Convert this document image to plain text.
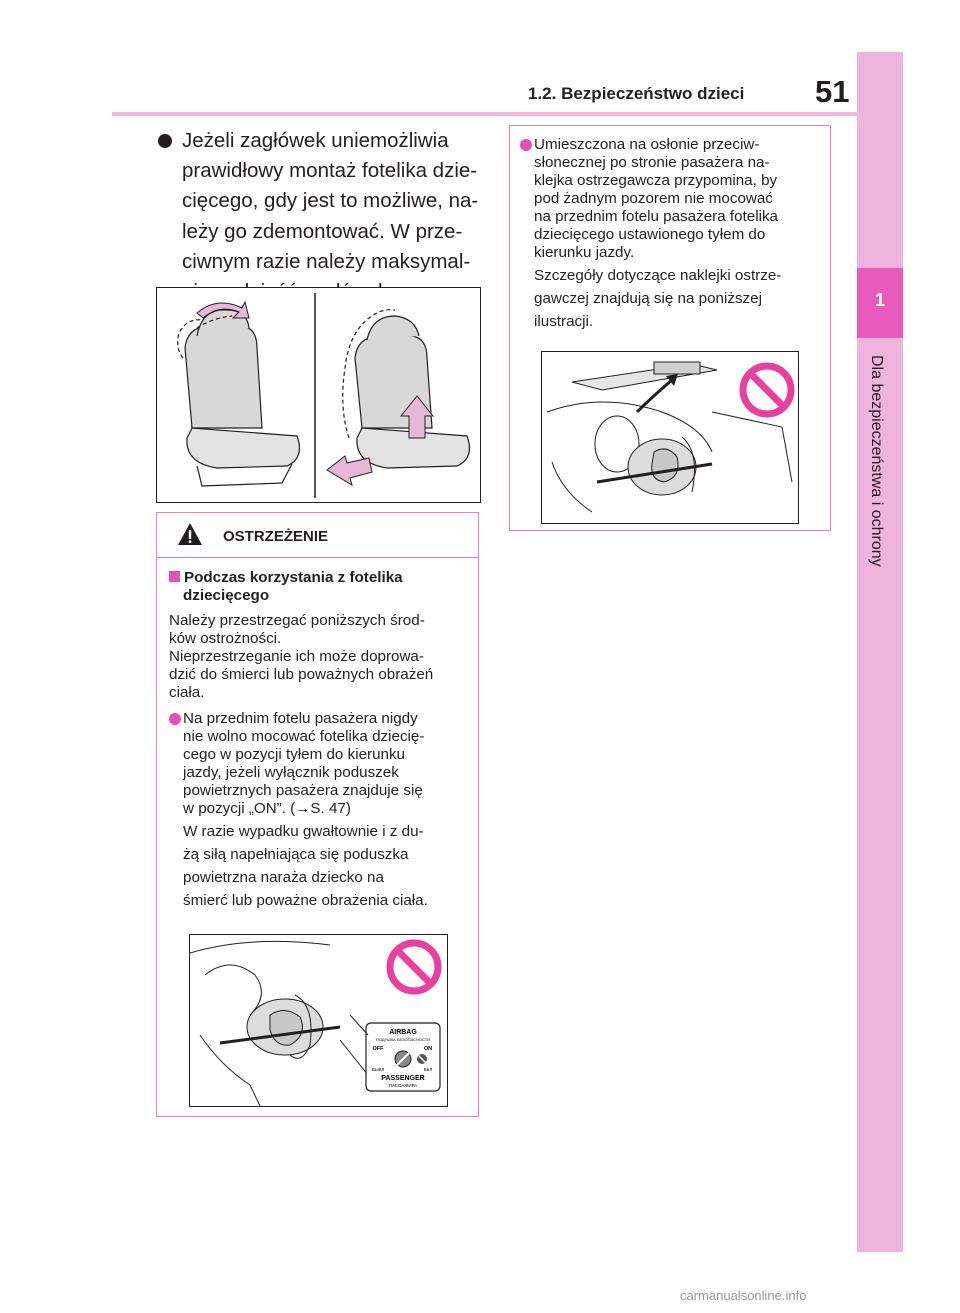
1.2. Bezpieczeństwo dzieci 51
1
Dla bezpieczeństwa i ochrony

Jeżeli zagłówek uniemożliwia

prawidłowy montaż fotelika dzie-

cięcego, gdy jest to możliwe, na-

leży go zdemontować. W prze-

ciwnym razie należy maksymal-

OSTRZEŻENIE
Podczas korzystania z fotelika
dziecięcego
Należy przestrzegać poniższych środ-
ków ostrożności.
Nieprzestrzeganie ich może doprowa-
dzić do śmierci lub poważnych obrażeń
ciała.
Na przednim fotelu pasażera nigdy
nie wolno mocować fotelika dziecię-
cego w pozycji tyłem do kierunku
jazdy, jeżeli wyłącznik poduszek
powietrznych pasażera znajduje się
w pozycji „ON”. (→S. 47)
W razie wypadku gwałtownie i z du-
żą siłą napełniająca się poduszka
powietrzna naraża dziecko na
śmierć lub poważne obrażenia ciała.
AIRBAG
ПОДУШКА БЕЗОПАСНОСТИ
OFF	ON
ВЫКЛ	ВКЛ
PASSENGER
ПАССАЖИРА
Umieszczona na osłonie przeciw-
słonecznej po stronie pasażera na-
klejka ostrzegawcza przypomina, by
pod żadnym pozorem nie mocować
na przednim fotelu pasażera fotelika
dziecięcego ustawionego tyłem do
kierunku jazdy.
Szczegóły dotyczące naklejki ostrze-
gawczej znajdują się na poniższej
ilustracji.
carmanualsonline.info
